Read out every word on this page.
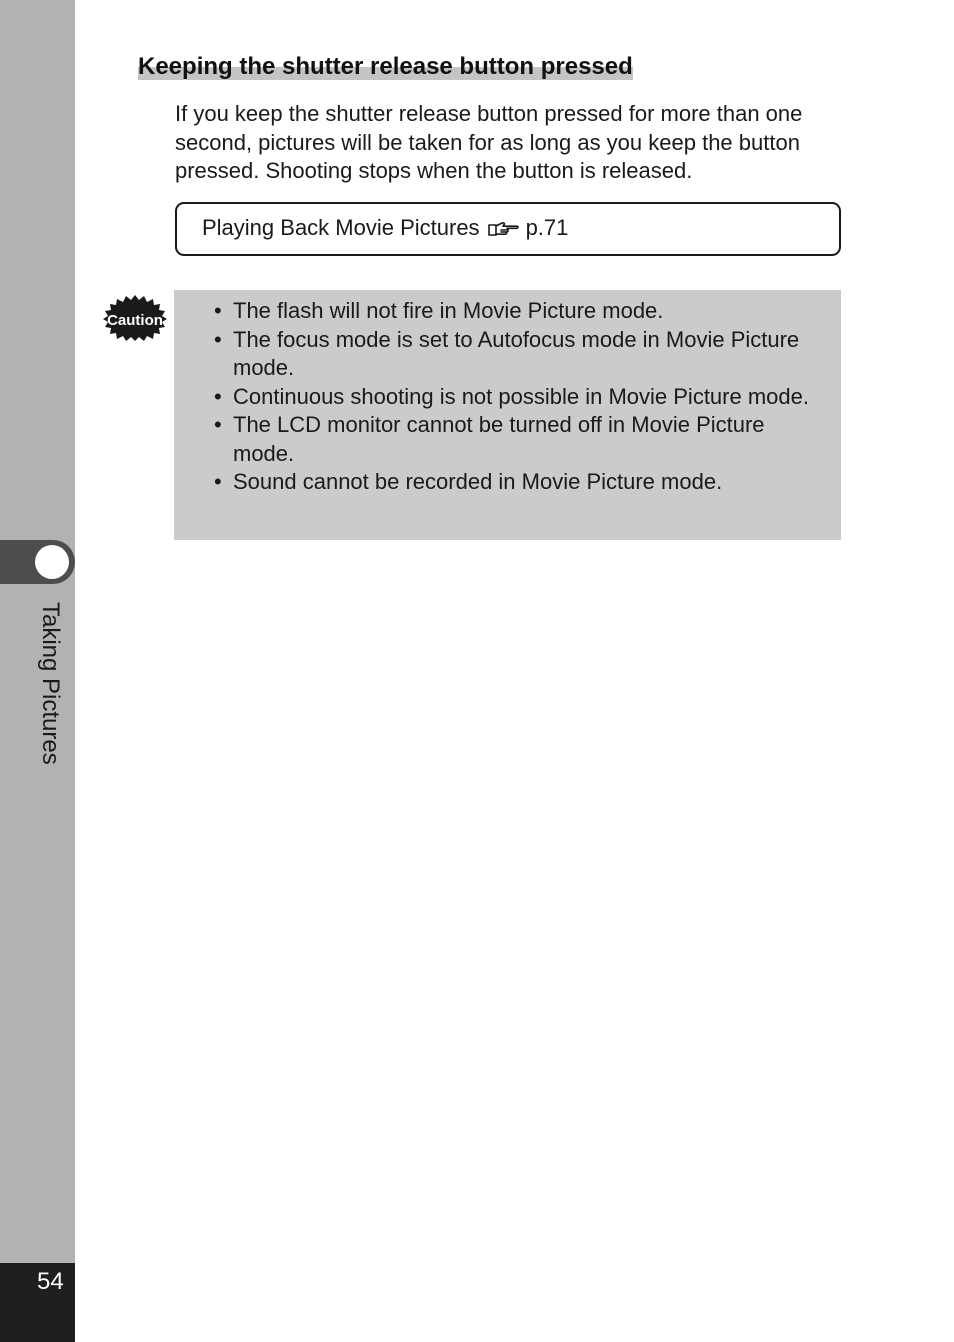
Taking Pictures
54
Keeping the shutter release button pressed

If you keep the shutter release button pressed for more than one second, pictures will be taken for as long as you keep the button pressed. Shooting stops when the button is released.

Playing Back Movie Pictures p.71
Caution
•	The flash will not fire in Movie Picture mode.
• The focus mode is set to Autofocus mode in Movie Picture mode.
• Continuous shooting is not possible in Movie Picture mode.
• The LCD monitor cannot be turned off in Movie Picture mode.
• Sound cannot be recorded in Movie Picture mode.
